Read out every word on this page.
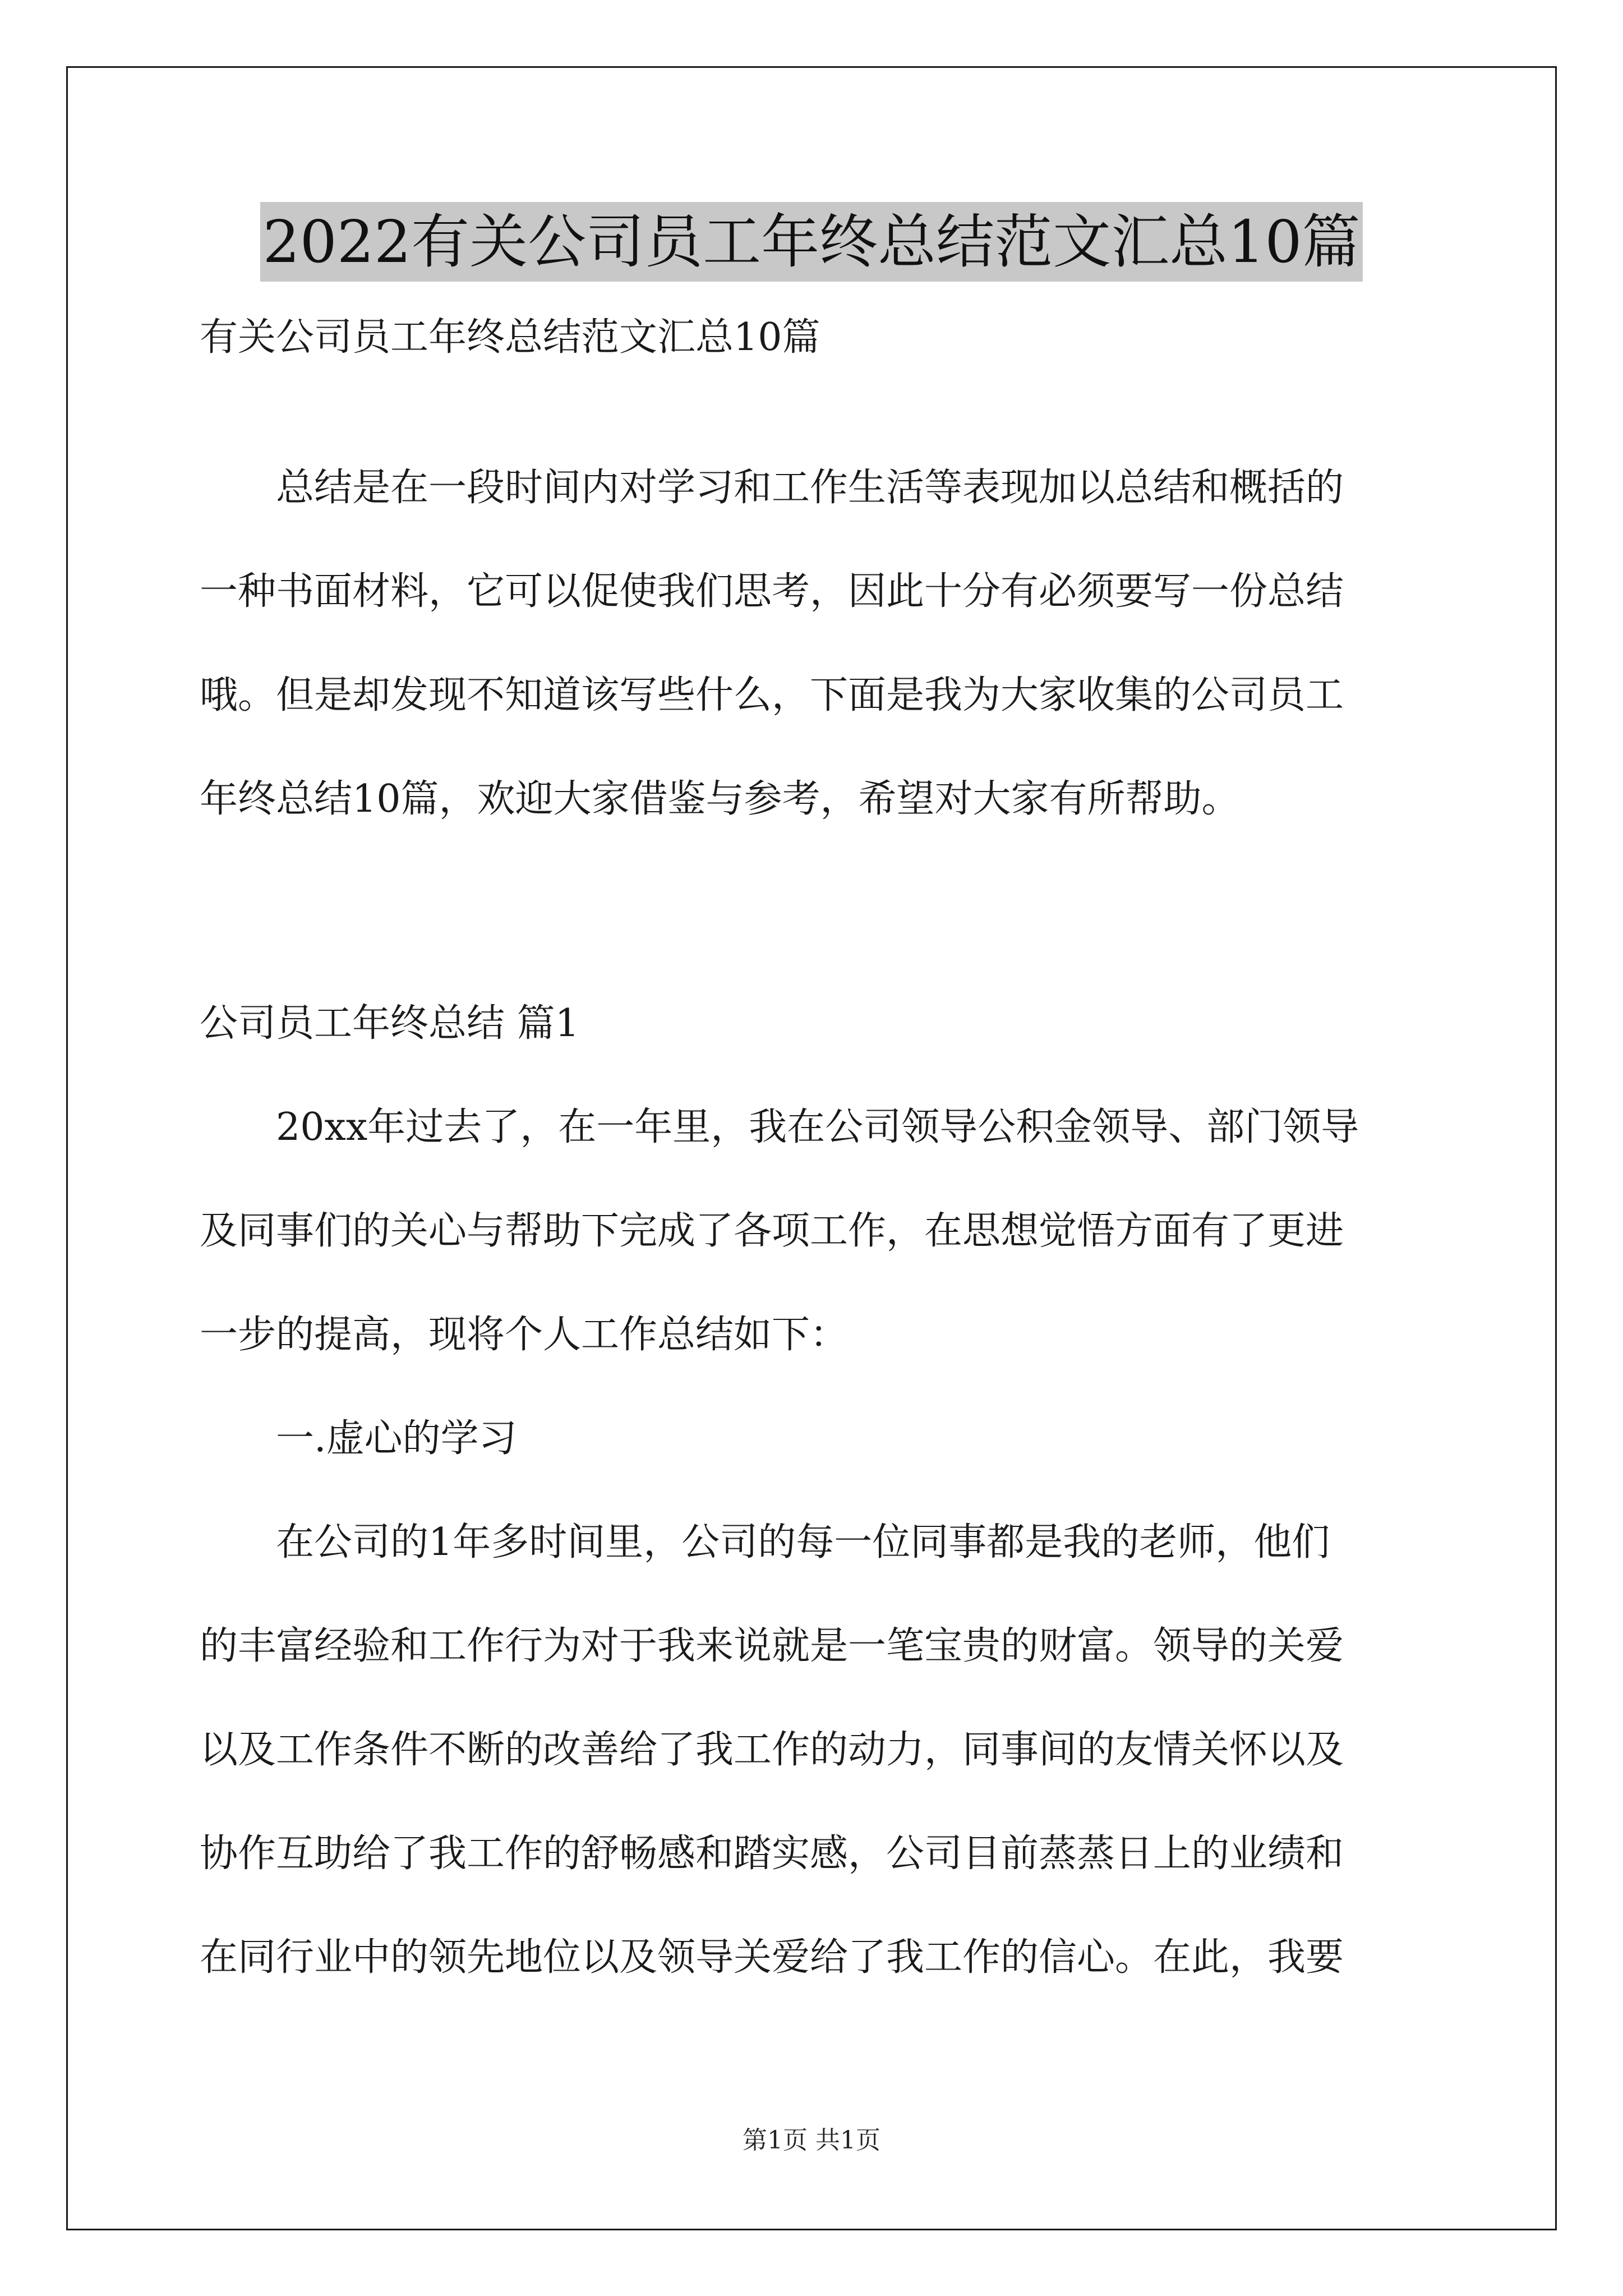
2022有关公司员工年终总结范文汇总10篇
有关公司员工年终总结范文汇总10篇
总结是在一段时间内对学习和工作生活等表现加以总结和概括的
一种书面材料，它可以促使我们思考，因此十分有必须要写一份总结
哦。但是却发现不知道该写些什么，下面是我为大家收集的公司员工
年终总结10篇，欢迎大家借鉴与参考，希望对大家有所帮助。
公司员工年终总结 篇1
20xx年过去了，在一年里，我在公司领导公积金领导、部门领导
及同事们的关心与帮助下完成了各项工作，在思想觉悟方面有了更进
一步的提高，现将个人工作总结如下：
一.虚心的学习
在公司的1年多时间里，公司的每一位同事都是我的老师，他们
的丰富经验和工作行为对于我来说就是一笔宝贵的财富。领导的关爱
以及工作条件不断的改善给了我工作的动力，同事间的友情关怀以及
协作互助给了我工作的舒畅感和踏实感，公司目前蒸蒸日上的业绩和
在同行业中的领先地位以及领导关爱给了我工作的信心。在此，我要
第1页 共1页
